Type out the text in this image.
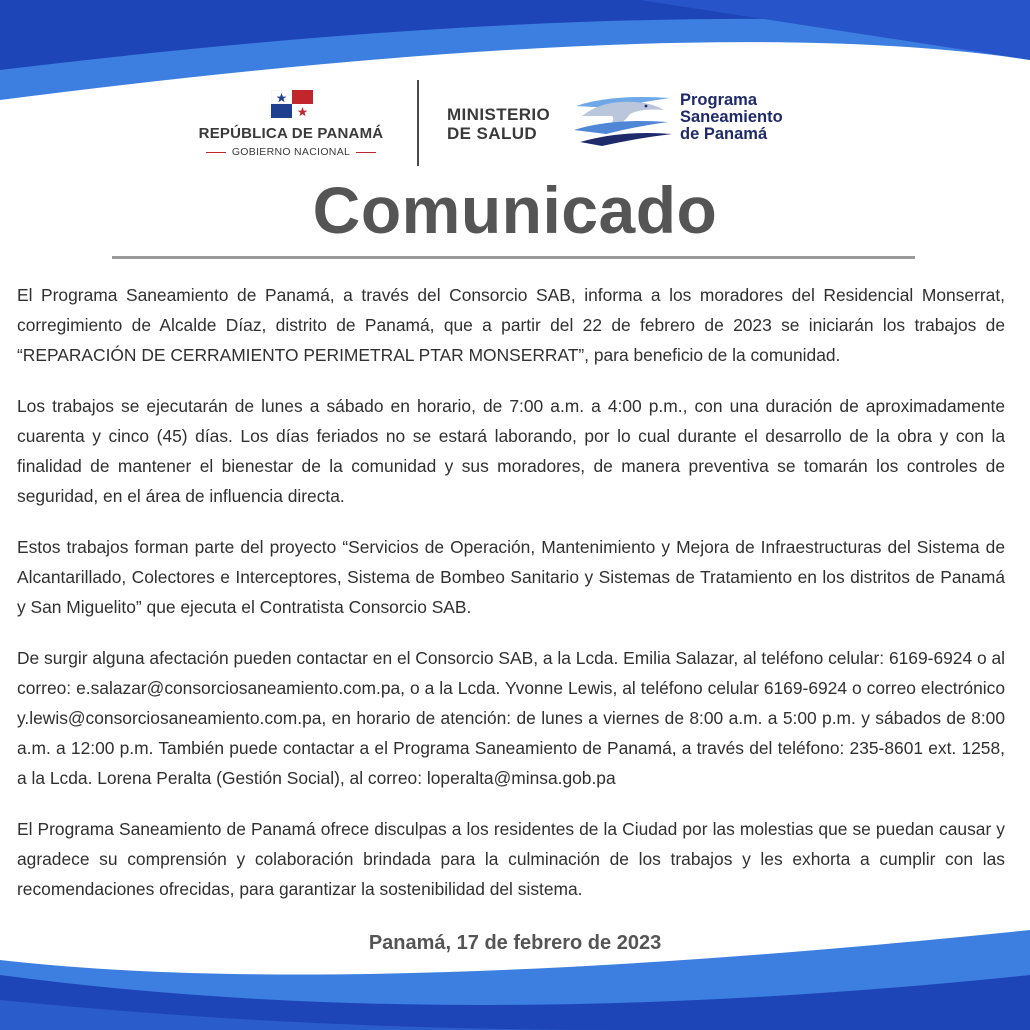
REPÚBLICA DE PANAMÁ
GOBIERNO NACIONAL
MINISTERIO
DE SALUD
Programa
Saneamiento
de Panamá
Comunicado

El Programa Saneamiento de Panamá, a través del Consorcio SAB, informa a los moradores del Residencial Monserrat, corregimiento de Alcalde Díaz, distrito de Panamá, que a partir del 22 de febrero de 2023 se iniciarán los trabajos de “REPARACIÓN DE CERRAMIENTO PERIMETRAL PTAR MONSERRAT”, para beneficio de la comunidad.

Los trabajos se ejecutarán de lunes a sábado en horario, de 7:00 a.m. a 4:00 p.m., con una duración de aproximadamente cuarenta y cinco (45) días. Los días feriados no se estará laborando, por lo cual durante el desarrollo de la obra y con la finalidad de mantener el bienestar de la comunidad y sus moradores, de manera preventiva se tomarán los controles de seguridad, en el área de influencia directa.

Estos trabajos forman parte del proyecto “Servicios de Operación, Mantenimiento y Mejora de Infraestructuras del Sistema de Alcantarillado, Colectores e Interceptores, Sistema de Bombeo Sanitario y Sistemas de Tratamiento en los distritos de Panamá y San Miguelito” que ejecuta el Contratista Consorcio SAB.

De surgir alguna afectación pueden contactar en el Consorcio SAB, a la Lcda. Emilia Salazar, al teléfono celular: 6169-6924 o al correo: e.salazar@consorciosaneamiento.com.pa, o a la Lcda. Yvonne Lewis, al teléfono celular 6169-6924 o correo electrónico y.lewis@consorciosaneamiento.com.pa, en horario de atención: de lunes a viernes de 8:00 a.m. a 5:00 p.m. y sábados de 8:00 a.m. a 12:00 p.m. También puede contactar a el Programa Saneamiento de Panamá, a través del teléfono: 235-8601 ext. 1258, a la Lcda. Lorena Peralta (Gestión Social), al correo: loperalta@minsa.gob.pa

El Programa Saneamiento de Panamá ofrece disculpas a los residentes de la Ciudad por las molestias que se puedan causar y agradece su comprensión y colaboración brindada para la culminación de los trabajos y les exhorta a cumplir con las recomendaciones ofrecidas, para garantizar la sostenibilidad del sistema.

Panamá, 17 de febrero de 2023
